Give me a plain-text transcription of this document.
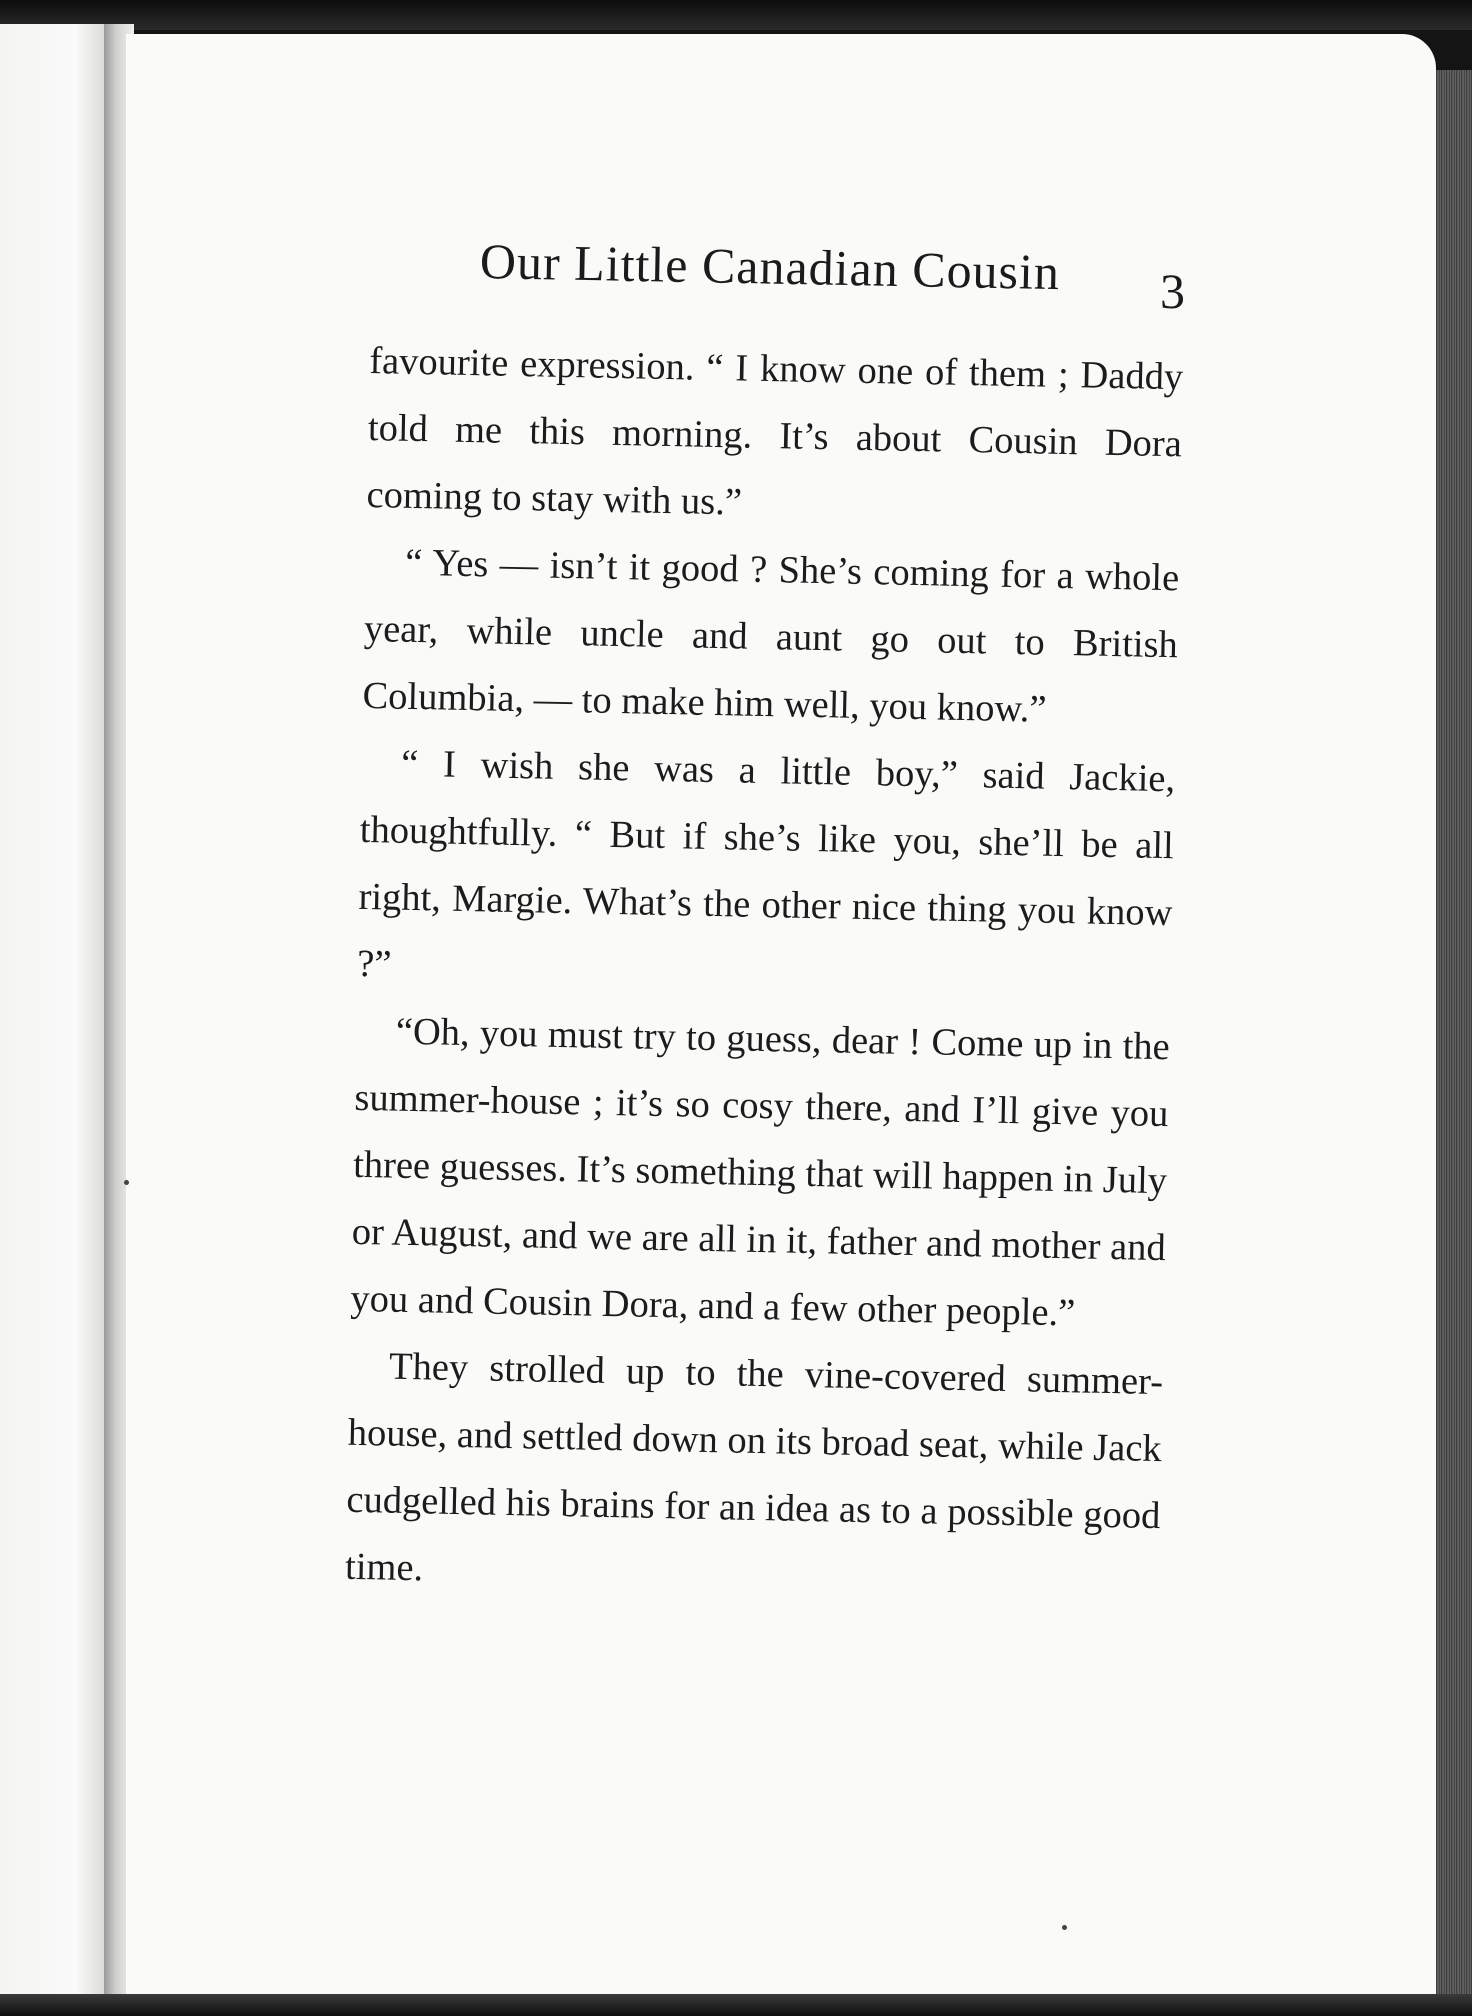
Our Little Canadian Cousin 3

favourite expression. “ I know one of them ; Daddy told me this morning. It’s about Cousin Dora coming to stay with us.”

“ Yes — isn’t it good ? She’s coming for a whole year, while uncle and aunt go out to British Columbia, — to make him well, you know.”

“ I wish she was a little boy,” said Jackie, thoughtfully. “ But if she’s like you, she’ll be all right, Margie. What’s the other nice thing you know ?”

“Oh, you must try to guess, dear ! Come up in the summer-house ; it’s so cosy there, and I’ll give you three guesses. It’s something that will happen in July or August, and we are all in it, father and mother and you and Cousin Dora, and a few other people.”

They strolled up to the vine-covered summer-house, and settled down on its broad seat, while Jack cudgelled his brains for an idea as to a possible good time.
